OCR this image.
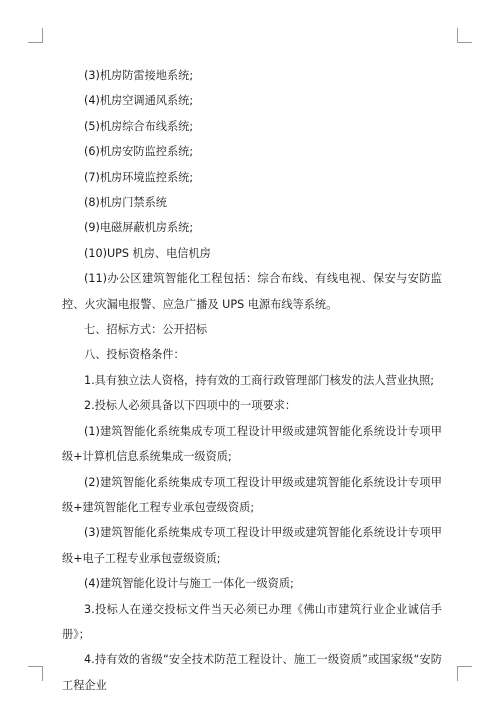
(3)机房防雷接地系统;

(4)机房空调通风系统;

(5)机房综合布线系统;

(6)机房安防监控系统;

(7)机房环境监控系统;

(8)机房门禁系统

(9)电磁屏蔽机房系统;

(10)UPS 机房、电信机房

(11)办公区建筑智能化工程包括：综合布线、有线电视、保安与安防监控、火灾漏电报警、应急广播及 UPS 电源布线等系统。

七、招标方式：公开招标

八、投标资格条件：

1.具有独立法人资格，持有效的工商行政管理部门核发的法人营业执照;

2.投标人必须具备以下四项中的一项要求：

(1)建筑智能化系统集成专项工程设计甲级或建筑智能化系统设计专项甲级+计算机信息系统集成一级资质;

(2)建筑智能化系统集成专项工程设计甲级或建筑智能化系统设计专项甲级+建筑智能化工程专业承包壹级资质;

(3)建筑智能化系统集成专项工程设计甲级或建筑智能化系统设计专项甲级+电子工程专业承包壹级资质;

(4)建筑智能化设计与施工一体化一级资质;

3.投标人在递交投标文件当天必须已办理《佛山市建筑行业企业诚信手册》；

4.持有效的省级“安全技术防范工程设计、施工一级资质”或国家级“安防工程企业
